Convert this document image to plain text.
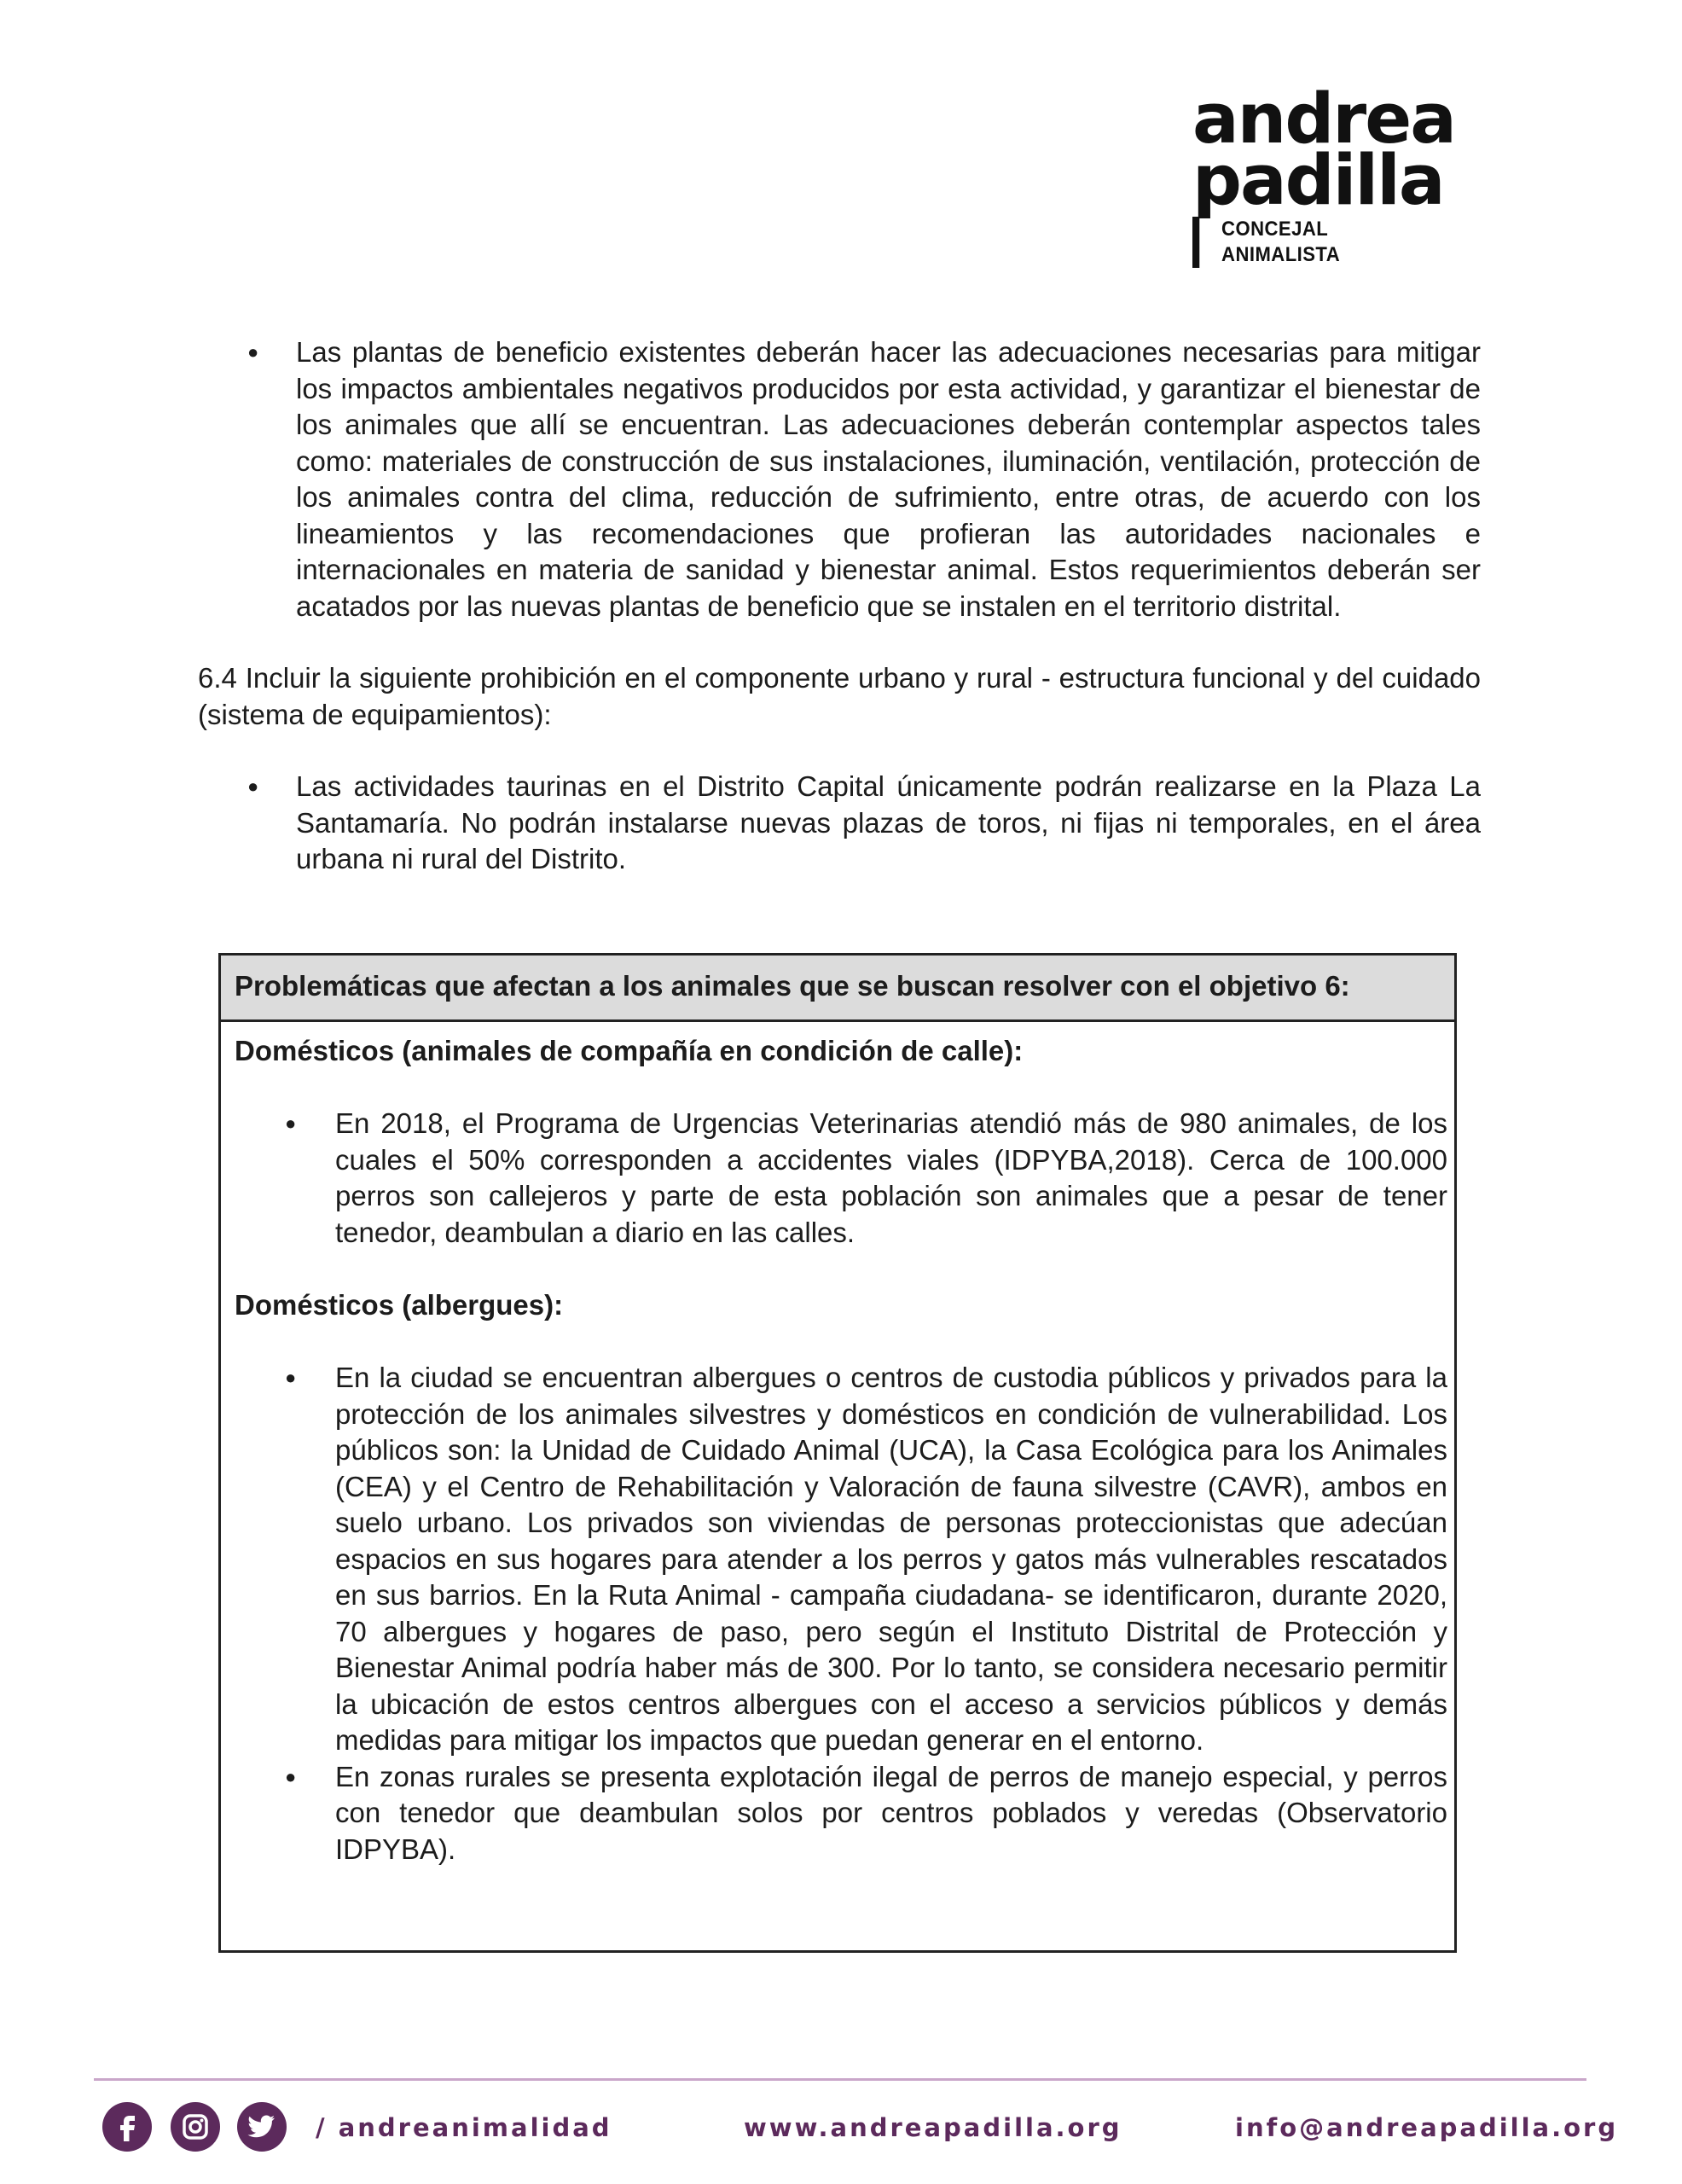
andrea
padilla
CONCEJAL ANIMALISTA
● Las plantas de beneficio existentes deberán hacer las adecuaciones necesarias para mitigar los impactos ambientales negativos producidos por esta actividad, y garantizar el bienestar de los animales que allí se encuentran. Las adecuaciones deberán contemplar aspectos tales como: materiales de construcción de sus instalaciones, iluminación, ventilación, protección de los animales contra del clima, reducción de sufrimiento, entre otras, de acuerdo con los lineamientos y las recomendaciones que profieran las autoridades nacionales e internacionales en materia de sanidad y bienestar animal. Estos requerimientos deberán ser acatados por las nuevas plantas de beneficio que se instalen en el territorio distrital.

6.4 Incluir la siguiente prohibición en el componente urbano y rural - estructura funcional y del cuidado (sistema de equipamientos):

● Las actividades taurinas en el Distrito Capital únicamente podrán realizarse en la Plaza La Santamaría. No podrán instalarse nuevas plazas de toros, ni fijas ni temporales, en el área urbana ni rural del Distrito.
Problemáticas que afectan a los animales que se buscan resolver con el objetivo 6:

Domésticos (animales de compañía en condición de calle):

● En 2018, el Programa de Urgencias Veterinarias atendió más de 980 animales, de los cuales el 50% corresponden a accidentes viales (IDPYBA,2018). Cerca de 100.000 perros son callejeros y parte de esta población son animales que a pesar de tener tenedor, deambulan a diario en las calles.

Domésticos (albergues):

● En la ciudad se encuentran albergues o centros de custodia públicos y privados para la protección de los animales silvestres y domésticos en condición de vulnerabilidad. Los públicos son: la Unidad de Cuidado Animal (UCA), la Casa Ecológica para los Animales (CEA) y el Centro de Rehabilitación y Valoración de fauna silvestre (CAVR), ambos en suelo urbano. Los privados son viviendas de personas proteccionistas que adecúan espacios en sus hogares para atender a los perros y gatos más vulnerables rescatados en sus barrios. En la Ruta Animal - campaña ciudadana- se identificaron, durante 2020, 70 albergues y hogares de paso, pero según el Instituto Distrital de Protección y Bienestar Animal podría haber más de 300. Por lo tanto, se considera necesario permitir la ubicación de estos centros albergues con el acceso a servicios públicos y demás medidas para mitigar los impactos que puedan generar en el entorno.
● En zonas rurales se presenta explotación ilegal de perros de manejo especial, y perros con tenedor que deambulan solos por centros poblados y veredas (Observatorio IDPYBA).
/ andreanimalidad	www.andreapadilla.org	info@andreapadilla.org
